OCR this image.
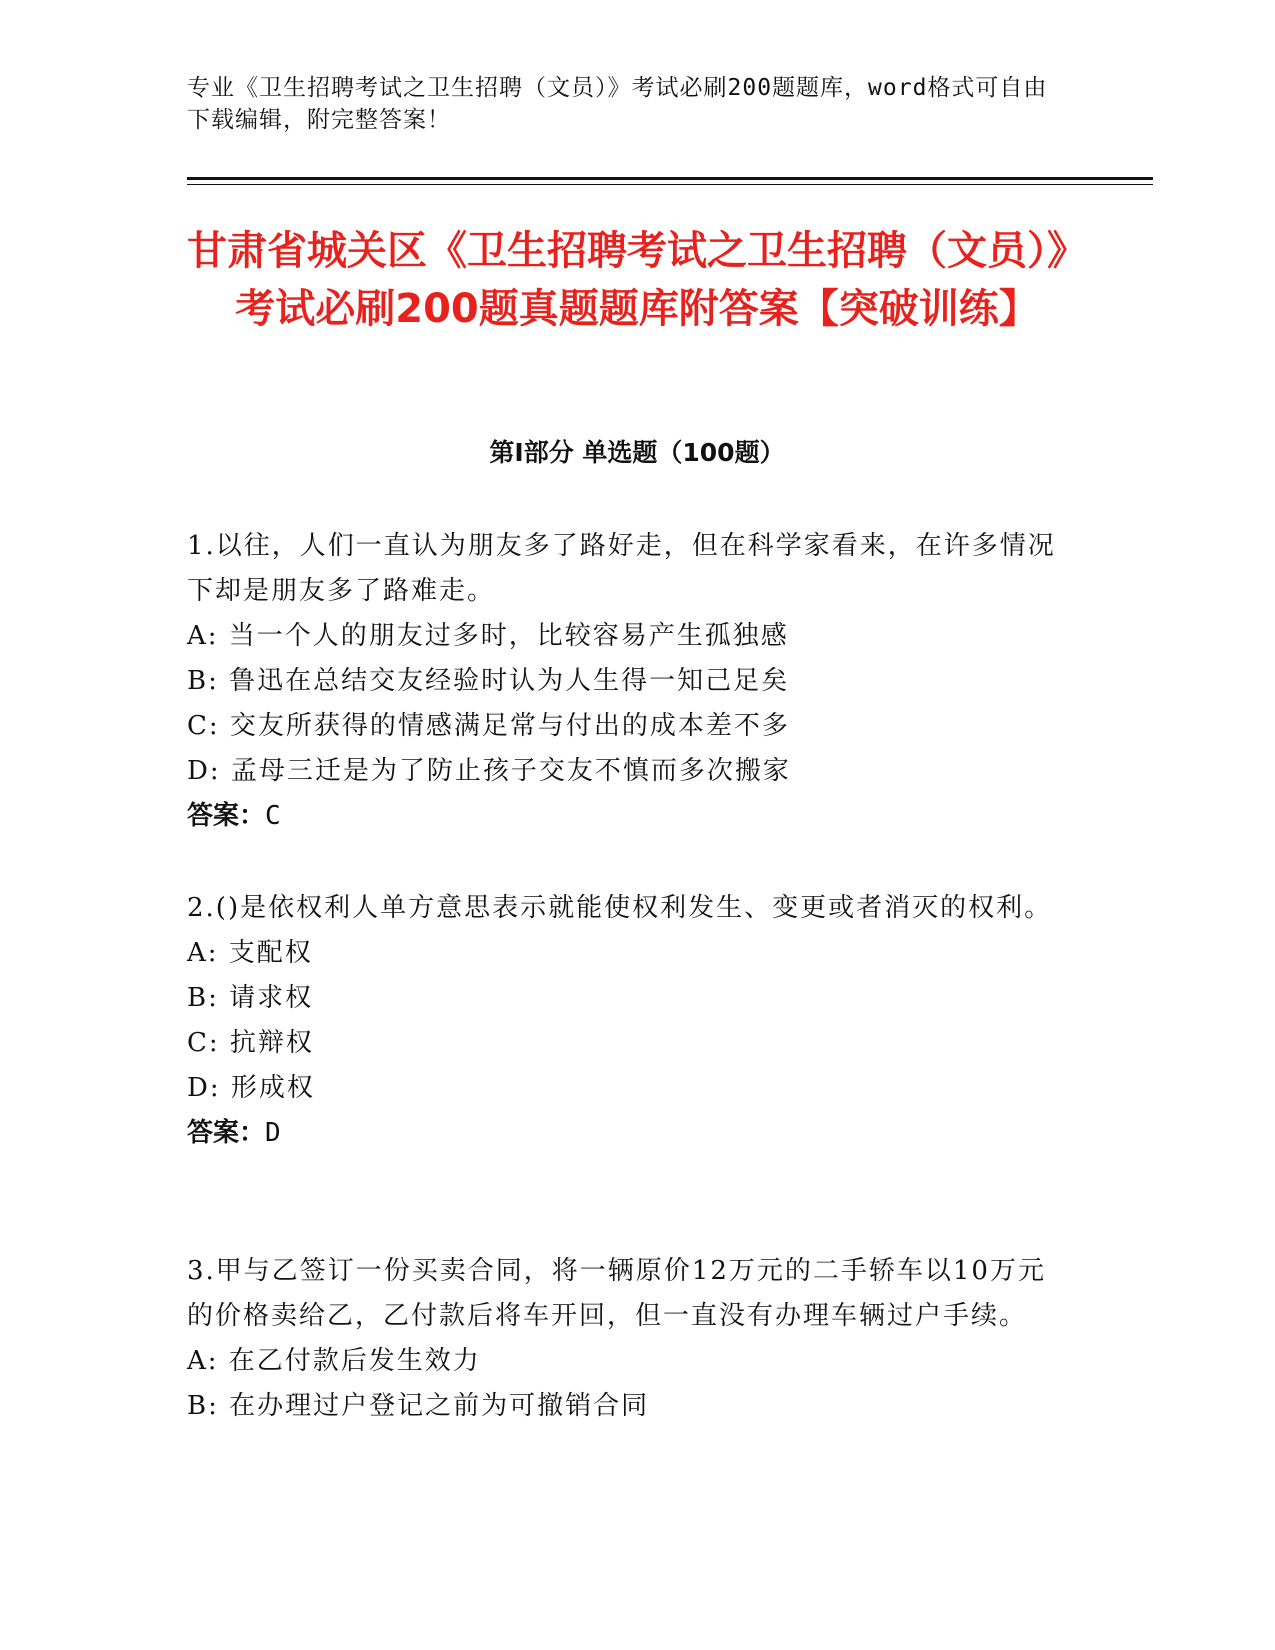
专业《卫生招聘考试之卫生招聘（文员）》考试必刷200题题库，word格式可自由下载编辑，附完整答案！
甘肃省城关区《卫生招聘考试之卫生招聘（文员）》考试必刷200题真题题库附答案【突破训练】
第I部分 单选题（100题）
1.以往，人们一直认为朋友多了路好走，但在科学家看来，在许多情况下却是朋友多了路难走。
A: 当一个人的朋友过多时，比较容易产生孤独感
B: 鲁迅在总结交友经验时认为人生得一知己足矣
C: 交友所获得的情感满足常与付出的成本差不多
D: 孟母三迁是为了防止孩子交友不慎而多次搬家
答案：C
2.()是依权利人单方意思表示就能使权利发生、变更或者消灭的权利。
A: 支配权
B: 请求权
C: 抗辩权
D: 形成权
答案：D
3.甲与乙签订一份买卖合同，将一辆原价12万元的二手轿车以10万元的价格卖给乙，乙付款后将车开回，但一直没有办理车辆过户手续。
A: 在乙付款后发生效力
B: 在办理过户登记之前为可撤销合同
